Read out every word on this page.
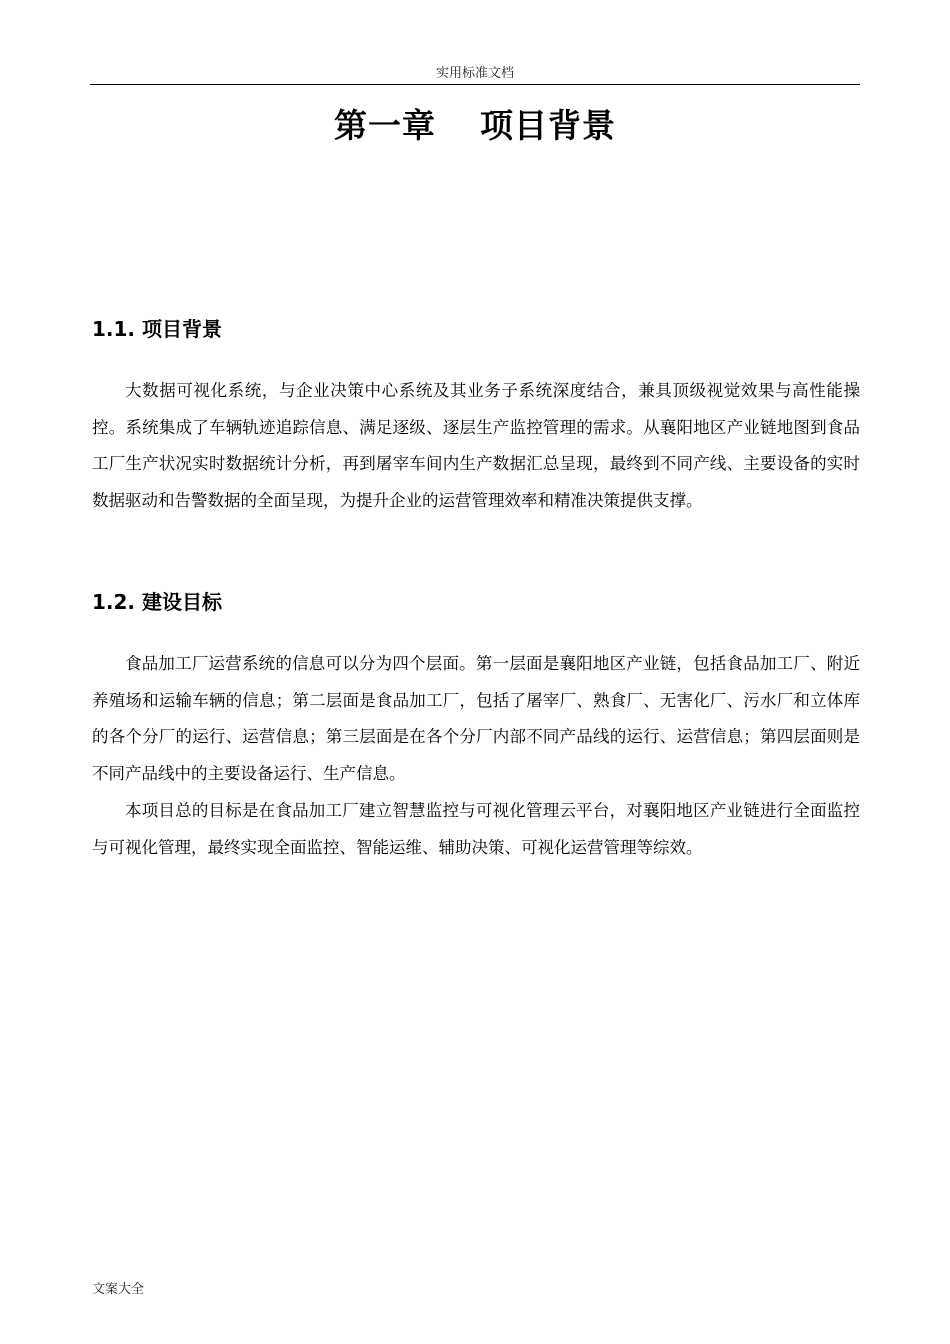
实用标准文档
第一章 项目背景
1.1. 项目背景

大数据可视化系统，与企业决策中心系统及其业务子系统深度结合，兼具顶级视觉效果与高性能操控。系统集成了车辆轨迹追踪信息、满足逐级、逐层生产监控管理的需求。从襄阳地区产业链地图到食品工厂生产状况实时数据统计分析，再到屠宰车间内生产数据汇总呈现，最终到不同产线、主要设备的实时数据驱动和告警数据的全面呈现，为提升企业的运营管理效率和精准决策提供支撑。

1.2. 建设目标

食品加工厂运营系统的信息可以分为四个层面。第一层面是襄阳地区产业链，包括食品加工厂、附近养殖场和运输车辆的信息；第二层面是食品加工厂，包括了屠宰厂、熟食厂、无害化厂、污水厂和立体库的各个分厂的运行、运营信息；第三层面是在各个分厂内部不同产品线的运行、运营信息；第四层面则是不同产品线中的主要设备运行、生产信息。

本项目总的目标是在食品加工厂建立智慧监控与可视化管理云平台，对襄阳地区产业链进行全面监控与可视化管理，最终实现全面监控、智能运维、辅助决策、可视化运营管理等综效。

文案大全
